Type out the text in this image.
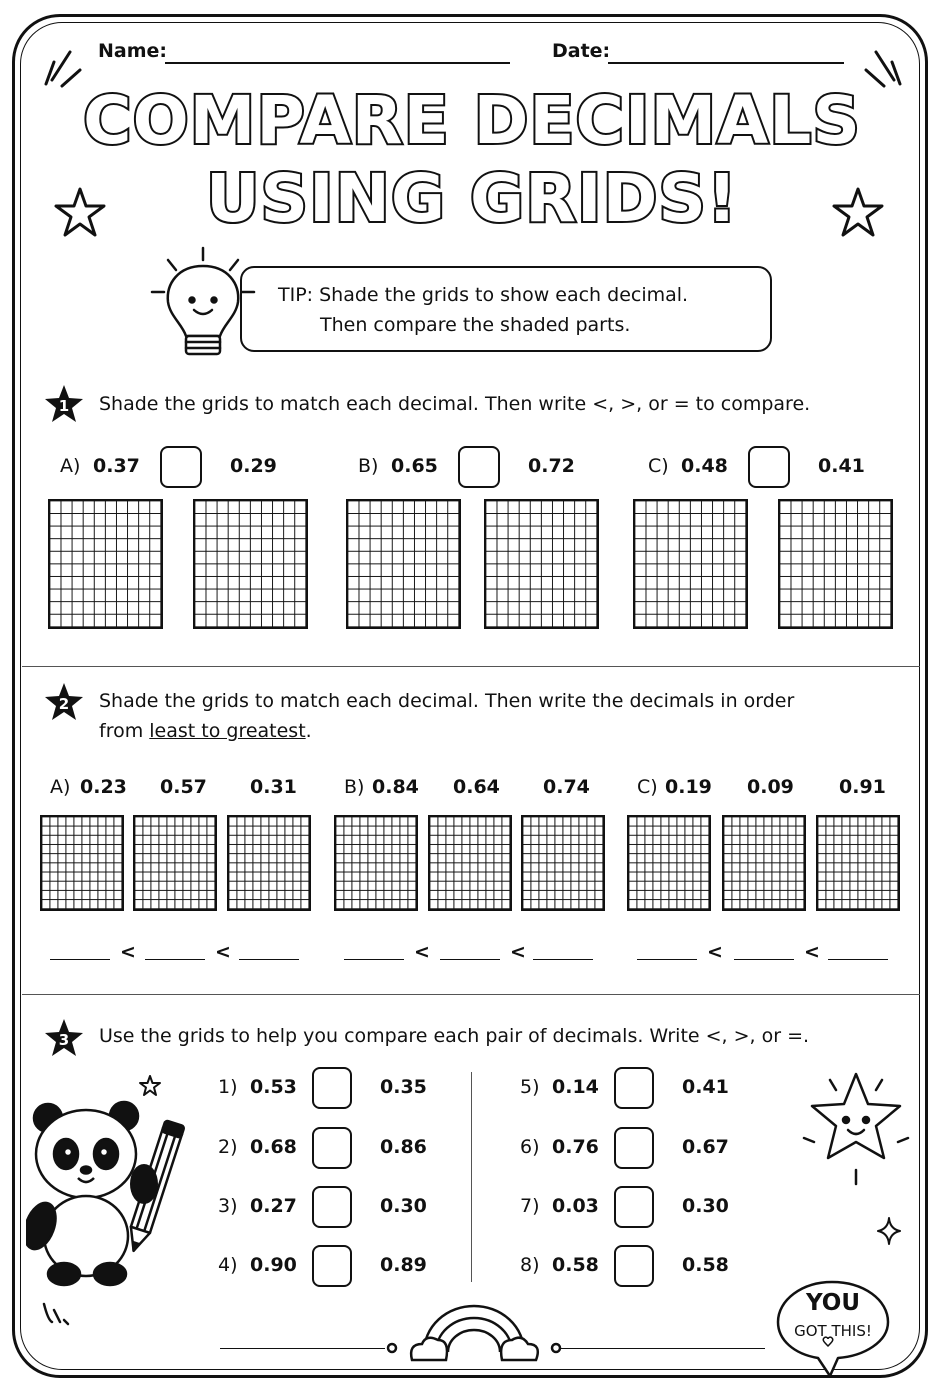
Name:	Date:
COMPARE DECIMALS
USING GRIDS!
TIP: Shade the grids to show each decimal.
Then compare the shaded parts.
1 Shade the grids to match each decimal. Then write <, >, or = to compare.
A) 0.37	0.29	B) 0.65	0.72	C) 0.48	0.41
2 Shade the grids to match each decimal. Then write the decimals in order
from least to greatest.
A) 0.23 0.57 0.31
<	<
B) 0.84 0.64 0.74
<	<
C) 0.19 0.09 0.91
<	<
3 Use the grids to help you compare each pair of decimals. Write <, >, or =.
1) 0.53	0.35
2) 0.68	0.86
3) 0.27	0.30
4) 0.90	0.89
5) 0.14	0.41
6) 0.76	0.67
7) 0.03	0.30
8) 0.58	0.58
YOU
GOT THIS!
